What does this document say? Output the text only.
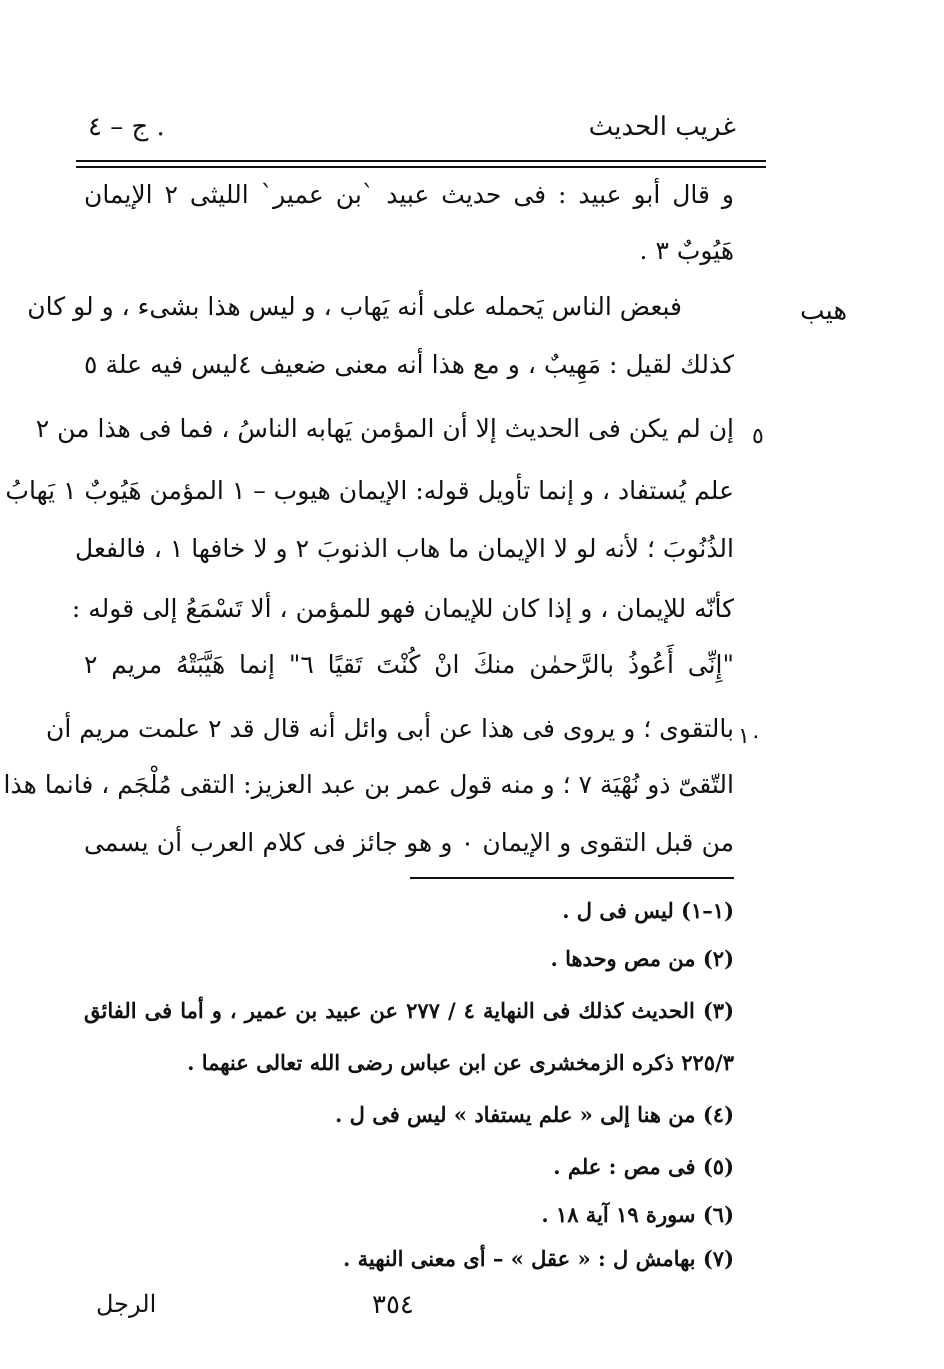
غريب الحديث
. ج – ٤
هيب
٥
١٠
و قال أبو عبيد : فى حديث عبيد `بن عمير` الليثى ٢ الإيمان
هَيُوبٌ ٣ .
فبعض الناس يَحمله على أنه يَهاب ، و ليس هذا بشىء ، و لو كان
كذلك لقيل : مَهِيبٌ ، و مع هذا أنه معنى ضعيف ٤ليس فيه علة ٥
إن لم يكن فى الحديث إلا أن المؤمن يَهابه الناسُ ، فما فى هذا من ٢
علم يُستفاد ، و إنما تأويل قوله: الإيمان هيوب – ١ المؤمن هَيُوبٌ ١ يَهابُ
الذُنُوبَ ؛ لأنه لو لا الإيمان ما هاب الذنوبَ ٢ و لا خافها ١ ، فالفعل
كأنّه للإيمان ، و إذا كان للإيمان فهو للمؤمن ، ألا تَسْمَعُ إلى قوله :
"إِنِّى أَعُوذُ بالرَّحمٰن منكَ انْ كُنْتَ تَقيًا ٦" إنما هَيَّبَتْهُ مريم ٢
بالتقوى ؛ و يروى فى هذا عن أبى وائل أنه قال قد ٢ علمت مريم أن
التّقىّ ذو نُهْيَة ٧ ؛ و منه قول عمر بن عبد العزيز: التقى مُلْجَم ، فانما هذا
من قبل التقوى و الإيمان ٠ و هو جائز فى كلام العرب أن يسمى
(١–١) ليس فى ل .
(٢) من مص وحدها .
(٣) الحديث كذلك فى النهاية ٤ / ٢٧٧ عن عبيد بن عمير ، و أما فى الفائق
٢٢٥/٣ ذكره الزمخشرى عن ابن عباس رضى الله تعالى عنهما .
(٤) من هنا إلى « علم يستفاد » ليس فى ل .
(٥) فى مص : علم .
(٦) سورة ١٩ آية ١٨ .
(٧) بهامش ل : « عقل » – أى معنى النهية .
٣٥٤
الرجل
